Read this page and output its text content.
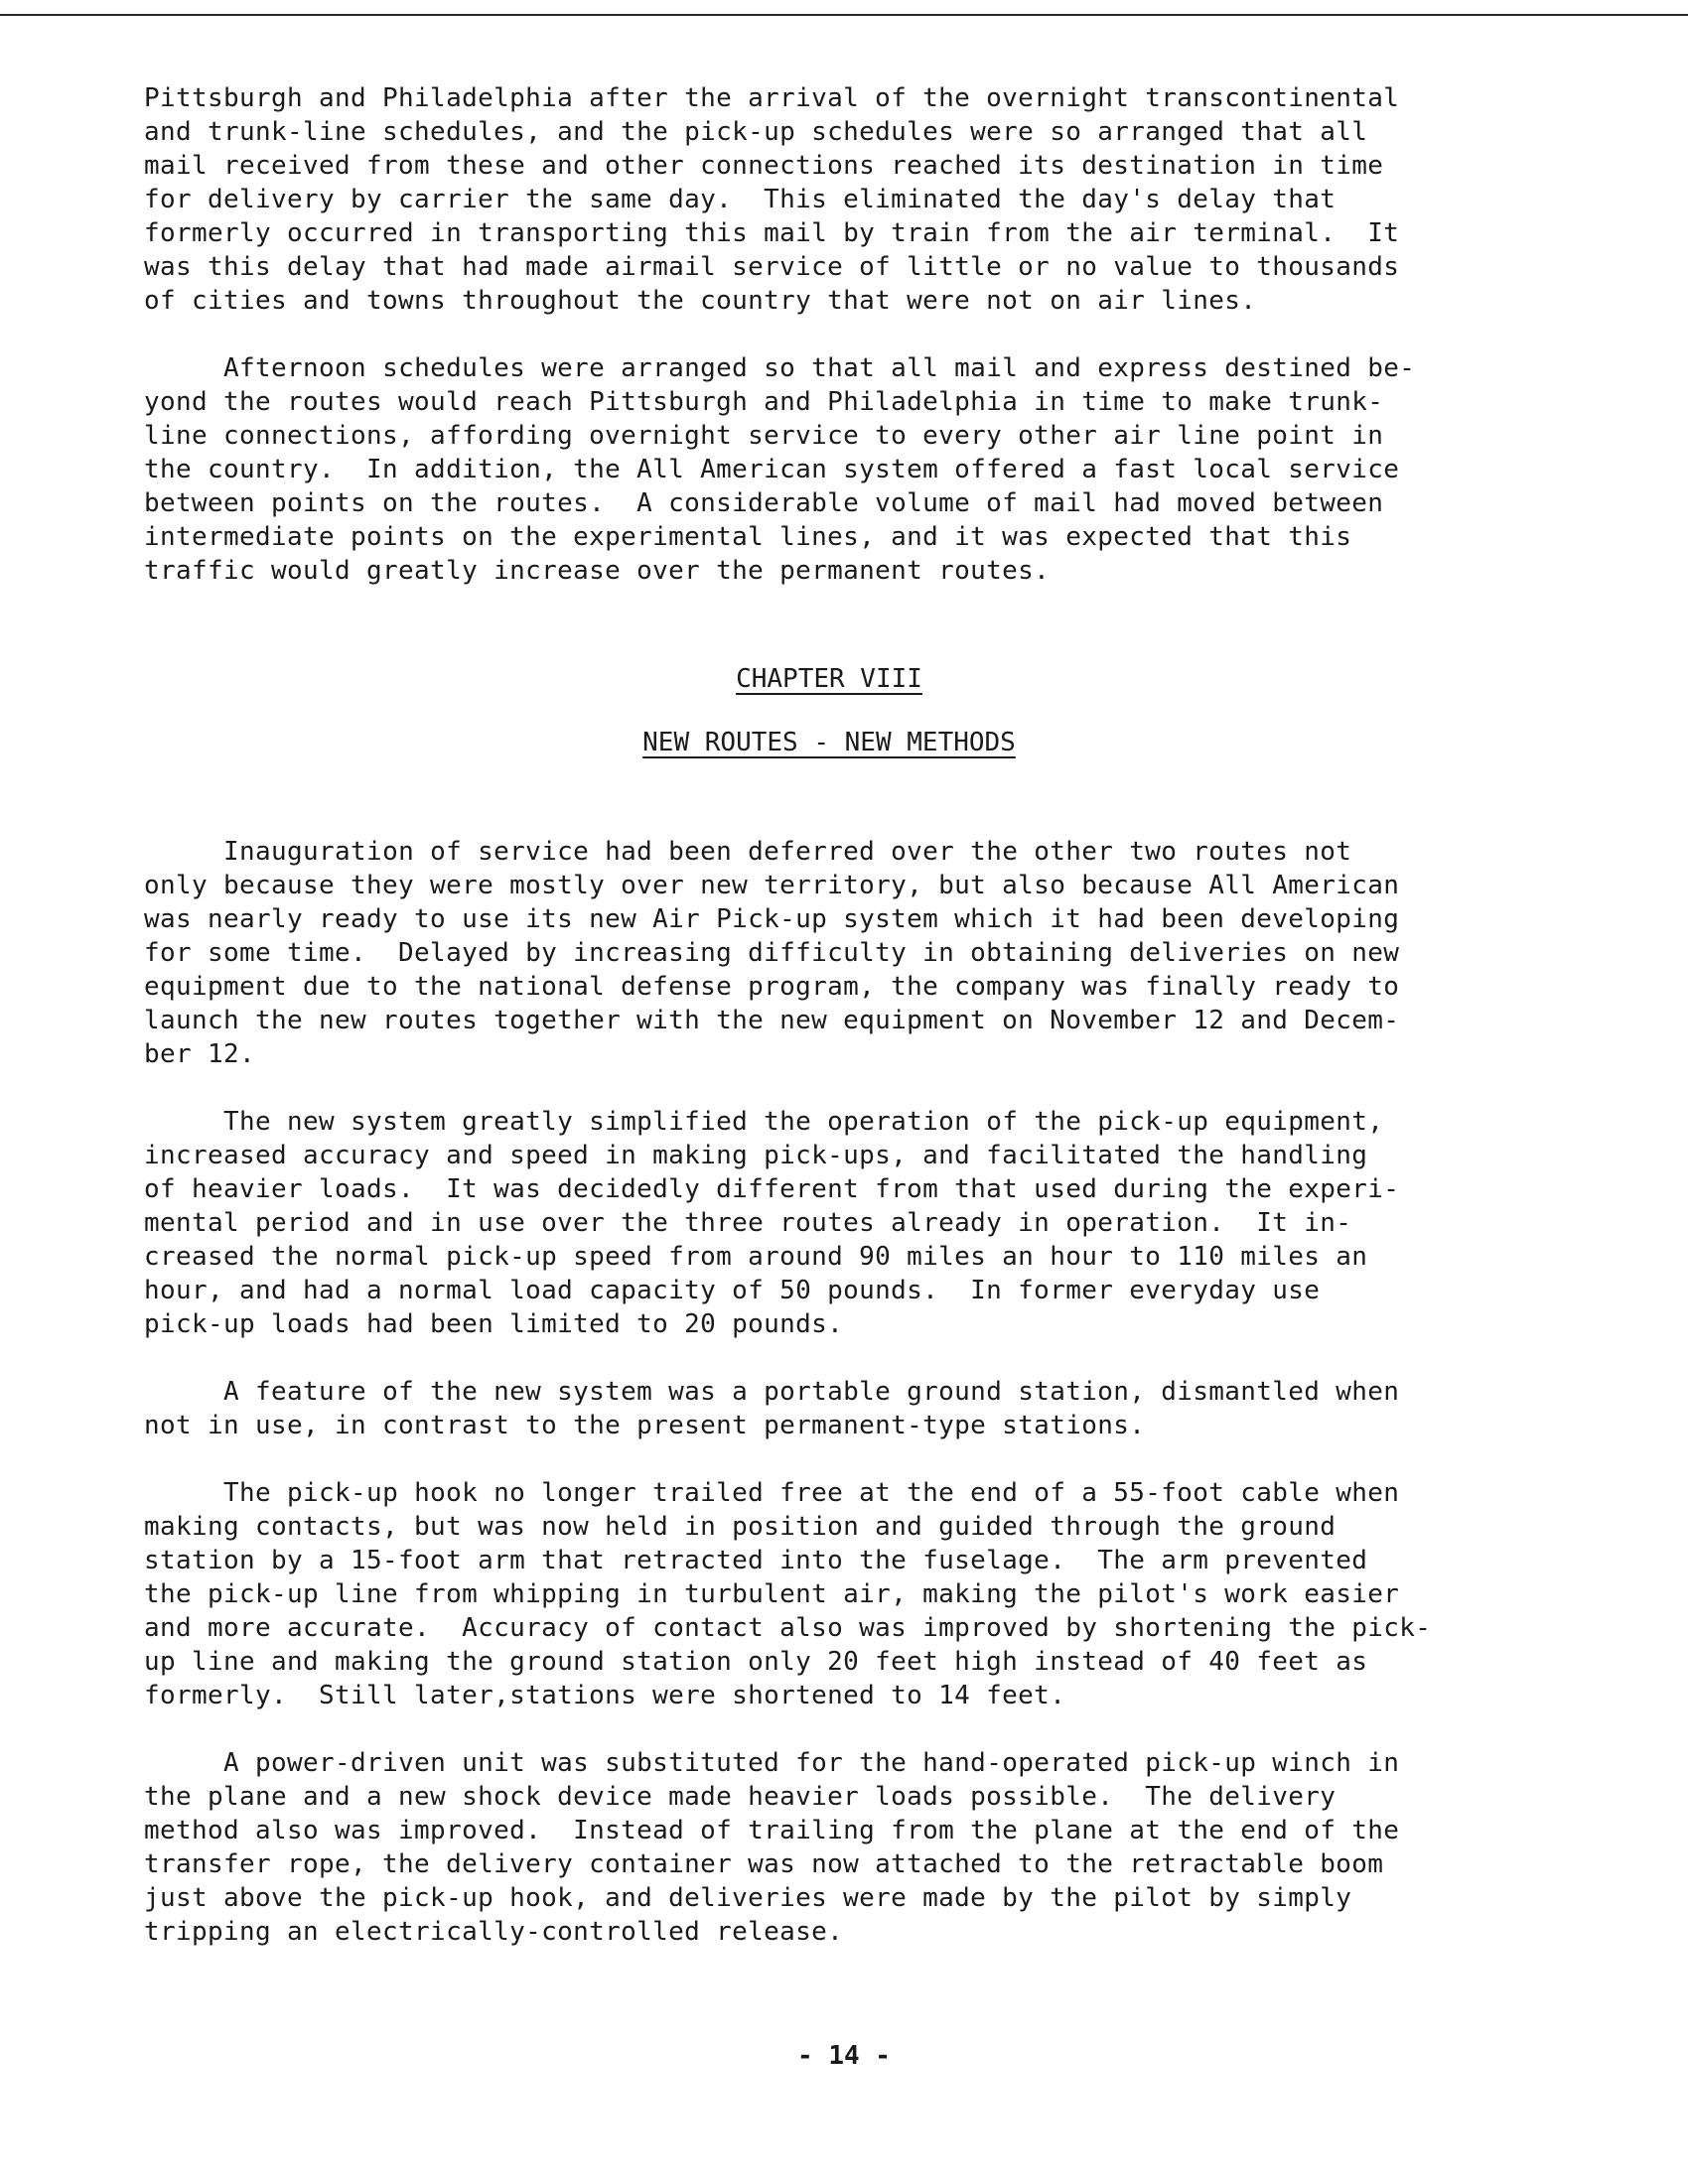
Pittsburgh and Philadelphia after the arrival of the overnight transcontinental
and trunk-line schedules, and the pick-up schedules were so arranged that all
mail received from these and other connections reached its destination in time
for delivery by carrier the same day.  This eliminated the day's delay that
formerly occurred in transporting this mail by train from the air terminal.  It
was this delay that had made airmail service of little or no value to thousands
of cities and towns throughout the country that were not on air lines.

Afternoon schedules were arranged so that all mail and express destined be-
yond the routes would reach Pittsburgh and Philadelphia in time to make trunk-
line connections, affording overnight service to every other air line point in
the country.  In addition, the All American system offered a fast local service
between points on the routes.  A considerable volume of mail had moved between
intermediate points on the experimental lines, and it was expected that this
traffic would greatly increase over the permanent routes.

CHAPTER VIII
NEW ROUTES - NEW METHODS

Inauguration of service had been deferred over the other two routes not
only because they were mostly over new territory, but also because All American
was nearly ready to use its new Air Pick-up system which it had been developing
for some time.  Delayed by increasing difficulty in obtaining deliveries on new
equipment due to the national defense program, the company was finally ready to
launch the new routes together with the new equipment on November 12 and Decem-
ber 12.

The new system greatly simplified the operation of the pick-up equipment,
increased accuracy and speed in making pick-ups, and facilitated the handling
of heavier loads.  It was decidedly different from that used during the experi-
mental period and in use over the three routes already in operation.  It in-
creased the normal pick-up speed from around 90 miles an hour to 110 miles an
hour, and had a normal load capacity of 50 pounds.  In former everyday use
pick-up loads had been limited to 20 pounds.

A feature of the new system was a portable ground station, dismantled when
not in use, in contrast to the present permanent-type stations.

The pick-up hook no longer trailed free at the end of a 55-foot cable when
making contacts, but was now held in position and guided through the ground
station by a 15-foot arm that retracted into the fuselage.  The arm prevented
the pick-up line from whipping in turbulent air, making the pilot's work easier
and more accurate.  Accuracy of contact also was improved by shortening the pick-
up line and making the ground station only 20 feet high instead of 40 feet as
formerly.  Still later,stations were shortened to 14 feet.

A power-driven unit was substituted for the hand-operated pick-up winch in
the plane and a new shock device made heavier loads possible.  The delivery
method also was improved.  Instead of trailing from the plane at the end of the
transfer rope, the delivery container was now attached to the retractable boom
just above the pick-up hook, and deliveries were made by the pilot by simply
tripping an electrically-controlled release.

- 14 -
